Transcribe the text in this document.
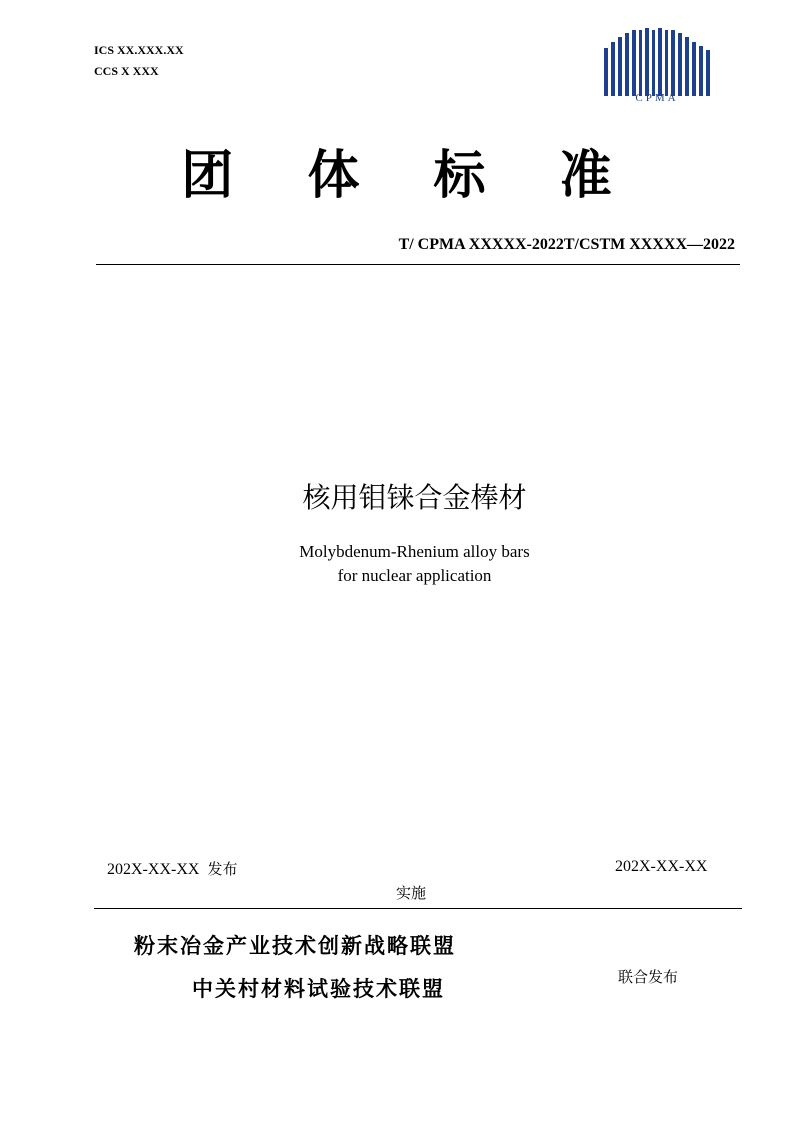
ICS XX.XXX.XX
CCS X XXX
CPMA
团 体 标 准
T/ CPMA XXXXX-2022T/CSTM XXXXX—2022
核用钼铼合金棒材
Molybdenum-Rhenium alloy bars
for nuclear application
202X-XX-XX 发布	202X-XX-XX
实施
粉末冶金产业技术创新战略联盟
中关村材料试验技术联盟	联合发布
